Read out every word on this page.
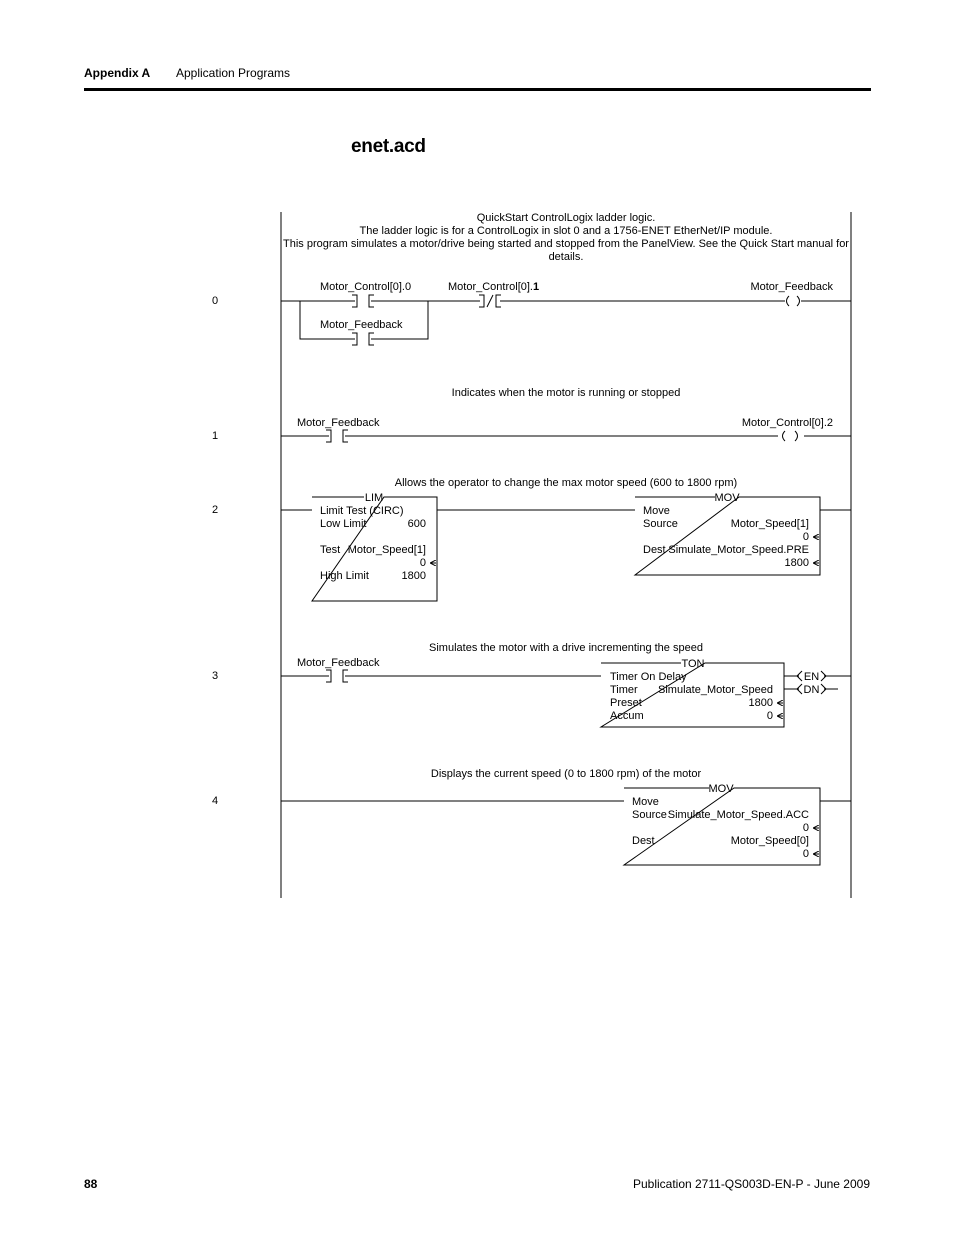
Appendix A Application Programs
enet.acd
0
1
2
3
4
QuickStart ControlLogix ladder logic.
The ladder logic is for a ControlLogix in slot 0 and a 1756-ENET EtherNet/IP module.
This program simulates a motor/drive being started and stopped from the PanelView. See the Quick Start manual for
details.
Motor_Control[0].0	Motor_Control[0].1	Motor_Feedback
Motor_Feedback
Indicates when the motor is running or stopped
Motor_Feedback	Motor_Control[0].2
Allows the operator to change the max motor speed (600 to 1800 rpm)
LIM
Limit Test (CIRC)
Low Limit	600
Test Motor_Speed[1]
0
High Limit	1800
MOV
Move
Source	Motor_Speed[1]
0
Dest Simulate_Motor_Speed.PRE
1800
Simulates the motor with a drive incrementing the speed
Motor_Feedback	TON
Timer On Delay
Timer Simulate_Motor_Speed
Preset	1800
Accum	0
EN
DN
Displays the current speed (0 to 1800 rpm) of the motor
MOV
Move
Source Simulate_Motor_Speed.ACC
0
Dest	Motor_Speed[0]
0
88	Publication 2711-QS003D-EN-P - June 2009
